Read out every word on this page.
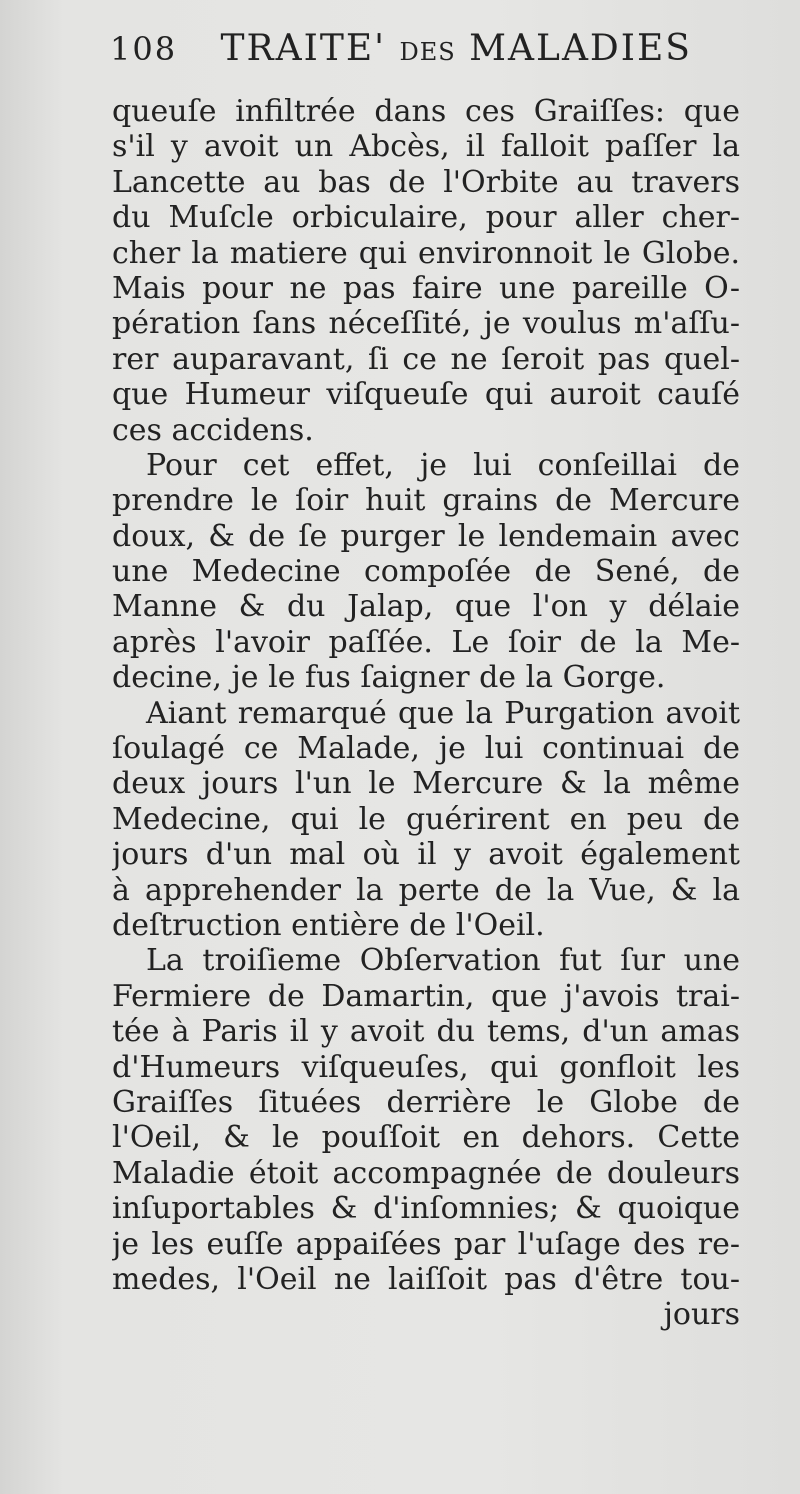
108 TRAITE' DES MALADIES
queuſe infiltrée dans ces Graiſſes: que
s'il y avoit un Abcès, il falloit paſſer la
Lancette au bas de l'Orbite au travers
du Muſcle orbiculaire, pour aller cher-
cher la matiere qui environnoit le Globe.
Mais pour ne pas faire une pareille O-
pération ſans néceſſité, je voulus m'aſſu-
rer auparavant, ſi ce ne ſeroit pas quel-
que Humeur viſqueuſe qui auroit cauſé
ces accidens.
Pour cet effet, je lui conſeillai de
prendre le ſoir huit grains de Mercure
doux, & de ſe purger le lendemain avec
une Medecine compoſée de Sené, de
Manne & du Jalap, que l'on y délaie
après l'avoir paſſée. Le ſoir de la Me-
decine, je le fus ſaigner de la Gorge.
Aiant remarqué que la Purgation avoit
ſoulagé ce Malade, je lui continuai de
deux jours l'un le Mercure & la même
Medecine, qui le guérirent en peu de
jours d'un mal où il y avoit également
à apprehender la perte de la Vue, & la
deſtruction entière de l'Oeil.
La troiſieme Obſervation fut ſur une
Fermiere de Damartin, que j'avois trai-
tée à Paris il y avoit du tems, d'un amas
d'Humeurs viſqueuſes, qui gonfloit les
Graiſſes ſituées derrière le Globe de
l'Oeil, & le pouſſoit en dehors. Cette
Maladie étoit accompagnée de douleurs
inſuportables & d'inſomnies; & quoique
je les euſſe appaiſées par l'uſage des re-
medes, l'Oeil ne laiſſoit pas d'être tou-
jours
